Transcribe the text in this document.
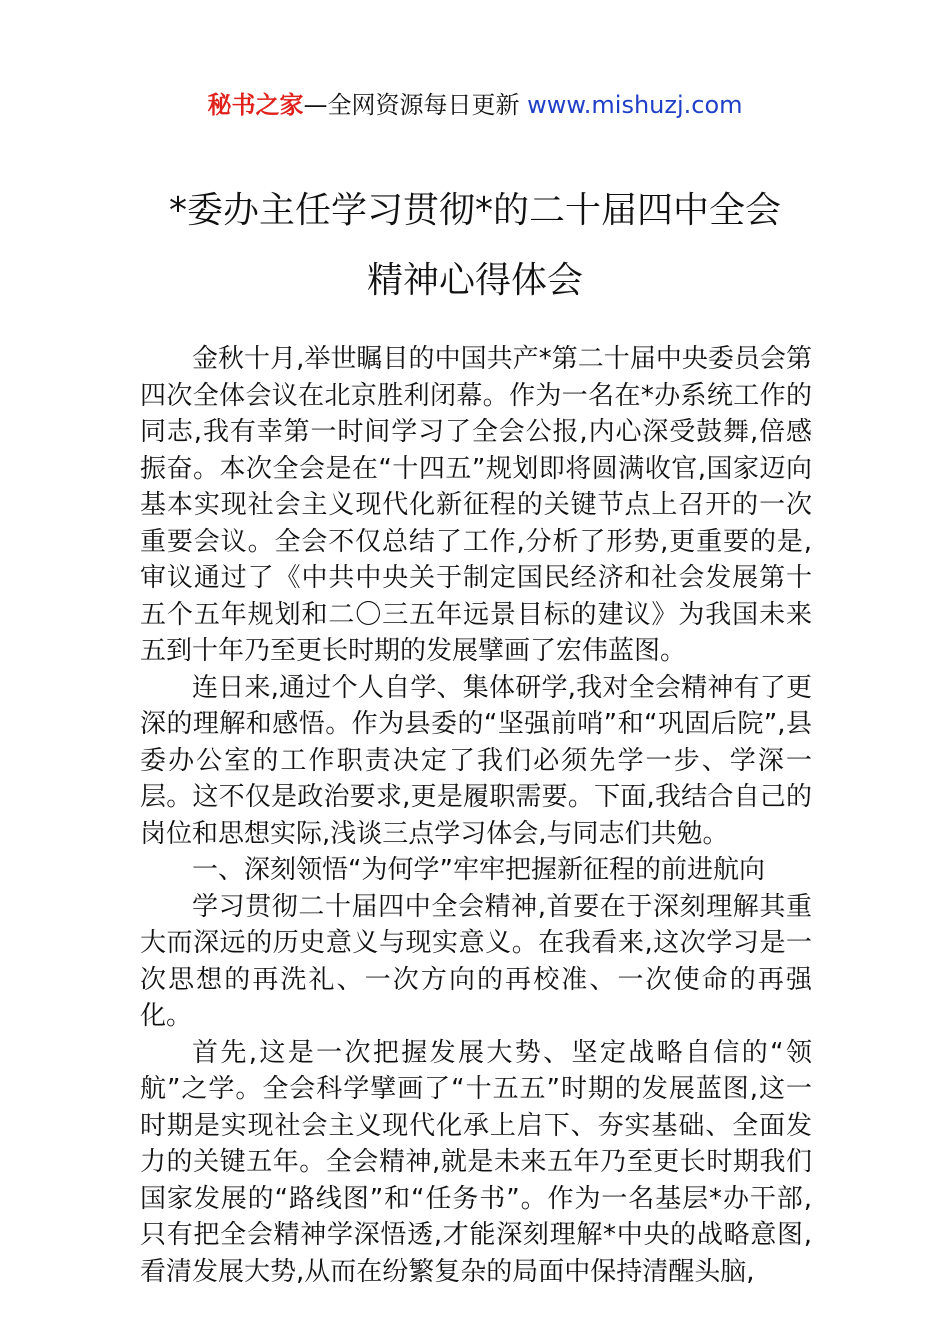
秘书之家—全网资源每日更新 www.mishuzj.com
*委办主任学习贯彻*的二十届四中全会
精神心得体会

金秋十月,举世瞩目的中国共产*第二十届中央委员会第四次全体会议在北京胜利闭幕。作为一名在*办系统工作的同志,我有幸第一时间学习了全会公报,内心深受鼓舞,倍感振奋。本次全会是在“十四五”规划即将圆满收官,国家迈向基本实现社会主义现代化新征程的关键节点上召开的一次重要会议。全会不仅总结了工作,分析了形势,更重要的是,审议通过了《中共中央关于制定国民经济和社会发展第十五个五年规划和二〇三五年远景目标的建议》为我国未来五到十年乃至更长时期的发展擘画了宏伟蓝图。

连日来,通过个人自学、集体研学,我对全会精神有了更深的理解和感悟。作为县委的“坚强前哨”和“巩固后院”,县委办公室的工作职责决定了我们必须先学一步、学深一层。这不仅是政治要求,更是履职需要。下面,我结合自己的岗位和思想实际,浅谈三点学习体会,与同志们共勉。

一、深刻领悟“为何学”牢牢把握新征程的前进航向

学习贯彻二十届四中全会精神,首要在于深刻理解其重大而深远的历史意义与现实意义。在我看来,这次学习是一次思想的再洗礼、一次方向的再校准、一次使命的再强化。

首先,这是一次把握发展大势、坚定战略自信的“领航”之学。全会科学擘画了“十五五”时期的发展蓝图,这一时期是实现社会主义现代化承上启下、夯实基础、全面发力的关键五年。全会精神,就是未来五年乃至更长时期我们国家发展的“路线图”和“任务书”。作为一名基层*办干部,只有把全会精神学深悟透,才能深刻理解*中央的战略意图,看清发展大势,从而在纷繁复杂的局面中保持清醒头脑,
